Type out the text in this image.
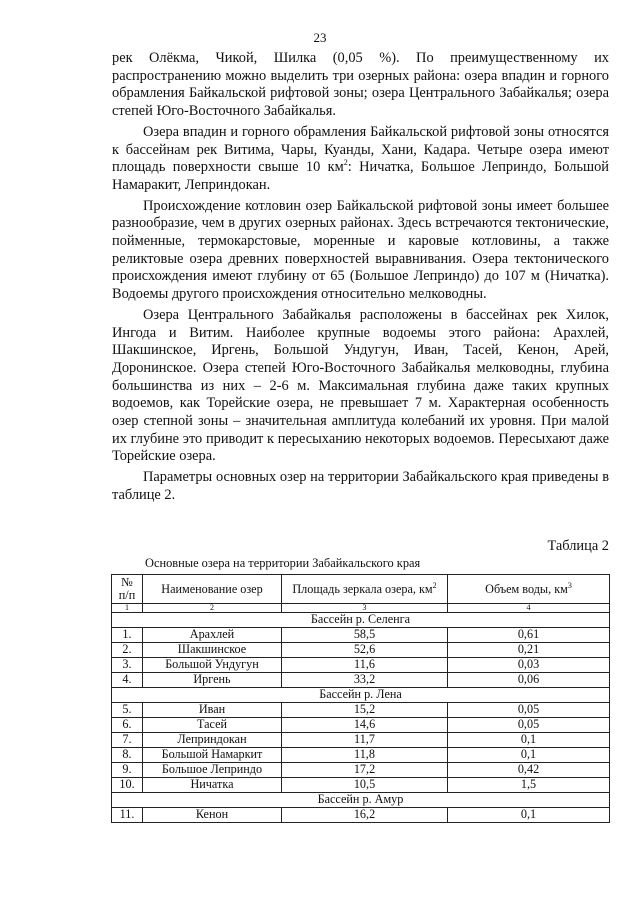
23

рек Олёкма, Чикой, Шилка (0,05 %). По преимущественному их распространению можно выделить три озерных района: озера впадин и горного обрамления Байкальской рифтовой зоны; озера Центрального Забайкалья; озера степей Юго-Восточного Забайкалья.

Озера впадин и горного обрамления Байкальской рифтовой зоны относятся к бассейнам рек Витима, Чары, Куанды, Хани, Кадара. Четыре озера имеют площадь поверхности свыше 10 $км^2$: Ничатка, Большое Леприндо, Большой Намаракит, Леприндокан.

Происхождение котловин озер Байкальской рифтовой зоны имеет большее разнообразие, чем в других озерных районах. Здесь встречаются тектонические, пойменные, термокарстовые, моренные и каровые котловины, а также реликтовые озера древних поверхностей выравнивания. Озера тектонического происхождения имеют глубину от 65 (Большое Леприндо) до 107 м (Ничатка). Водоемы другого происхождения относительно мелководны.

Озера Центрального Забайкалья расположены в бассейнах рек Хилок, Ингода и Витим. Наиболее крупные водоемы этого района: Арахлей, Шакшинское, Иргень, Большой Ундугун, Иван, Тасей, Кенон, Арей, Доронинское. Озера степей Юго-Восточного Забайкалья мелководны, глубина большинства из них – 2-6 м. Максимальная глубина даже таких крупных водоемов, как Торейские озера, не превышает 7 м. Характерная особенность озер степной зоны – значительная амплитуда колебаний их уровня. При малой их глубине это приводит к пересыханию некоторых водоемов. Пересыхают даже Торейские озера.

Параметры основных озер на территории Забайкальского края приведены в таблице 2.

Таблица 2
Основные озера на территории Забайкальского края
№ п/п	Наименование озер	Площадь зеркала озера, $км^2$	Объем воды, $км^3$
1	2	3	4
Бассейн р. Селенга			
1.	Арахлей	58,5	0,61
2.	Шакшинское	52,6	0,21
3.	Большой Ундугун	11,6	0,03
4.	Иргень	33,2	0,06
Бассейн р. Лена			
5.	Иван	15,2	0,05
6.	Тасей	14,6	0,05
7.	Леприндокан	11,7	0,1
8.	Большой Намаркит	11,8	0,1
9.	Большое Леприндо	17,2	0,42
10.	Ничатка	10,5	1,5
Бассейн р. Амур			
11.	Кенон	16,2	0,1
